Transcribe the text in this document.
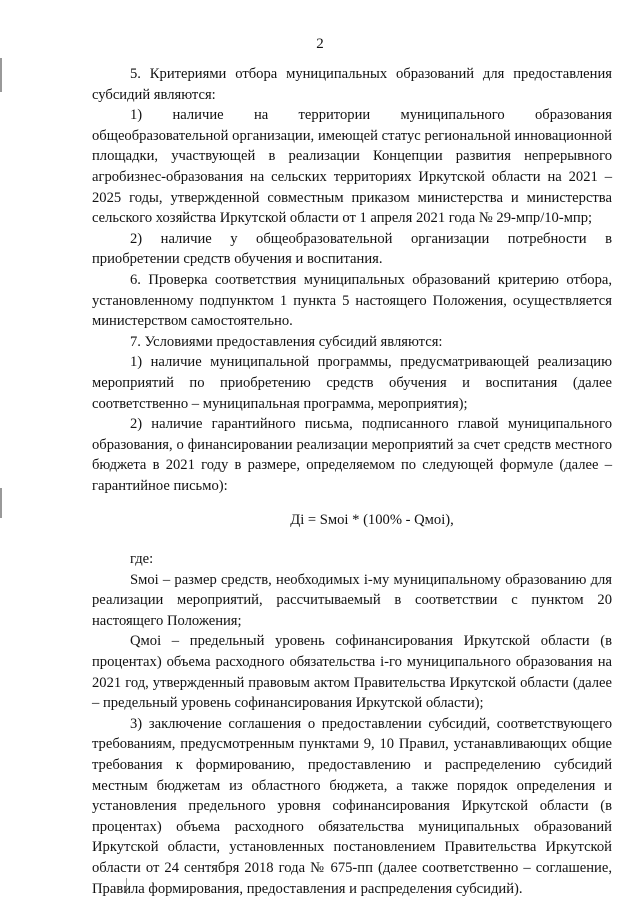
2

5. Критериями отбора муниципальных образований для предоставления субсидий являются:

1) наличие на территории муниципального образования общеобразовательной организации, имеющей статус региональной инновационной площадки, участвующей в реализации Концепции развития непрерывного агробизнес-образования на сельских территориях Иркутской области на 2021 – 2025 годы, утвержденной совместным приказом министерства и министерства сельского хозяйства Иркутской области от 1 апреля 2021 года № 29-мпр/10-мпр;

2) наличие у общеобразовательной организации потребности в приобретении средств обучения и воспитания.

6. Проверка соответствия муниципальных образований критерию отбора, установленному подпунктом 1 пункта 5 настоящего Положения, осуществляется министерством самостоятельно.

7. Условиями предоставления субсидий являются:

1) наличие муниципальной программы, предусматривающей реализацию мероприятий по приобретению средств обучения и воспитания (далее соответственно – муниципальная программа, мероприятия);

2) наличие гарантийного письма, подписанного главой муниципального образования, о финансировании реализации мероприятий за счет средств местного бюджета в 2021 году в размере, определяемом по следующей формуле (далее – гарантийное письмо):

Дi = Sмоi * (100% - Qмоi),

где:

Sмоi – размер средств, необходимых i-му муниципальному образованию для реализации мероприятий, рассчитываемый в соответствии с пунктом 20 настоящего Положения;

Qмоi – предельный уровень софинансирования Иркутской области (в процентах) объема расходного обязательства i-го муниципального образования на 2021 год, утвержденный правовым актом Правительства Иркутской области (далее – предельный уровень софинансирования Иркутской области);

3) заключение соглашения о предоставлении субсидий, соответствующего требованиям, предусмотренным пунктами 9, 10 Правил, устанавливающих общие требования к формированию, предоставлению и распределению субсидий местным бюджетам из областного бюджета, а также порядок определения и установления предельного уровня софинансирования Иркутской области (в процентах) объема расходного обязательства муниципальных образований Иркутской области, установленных постановлением Правительства Иркутской области от 24 сентября 2018 года № 675-пп (далее соответственно – соглашение, Правила формирования, предоставления и распределения субсидий).
